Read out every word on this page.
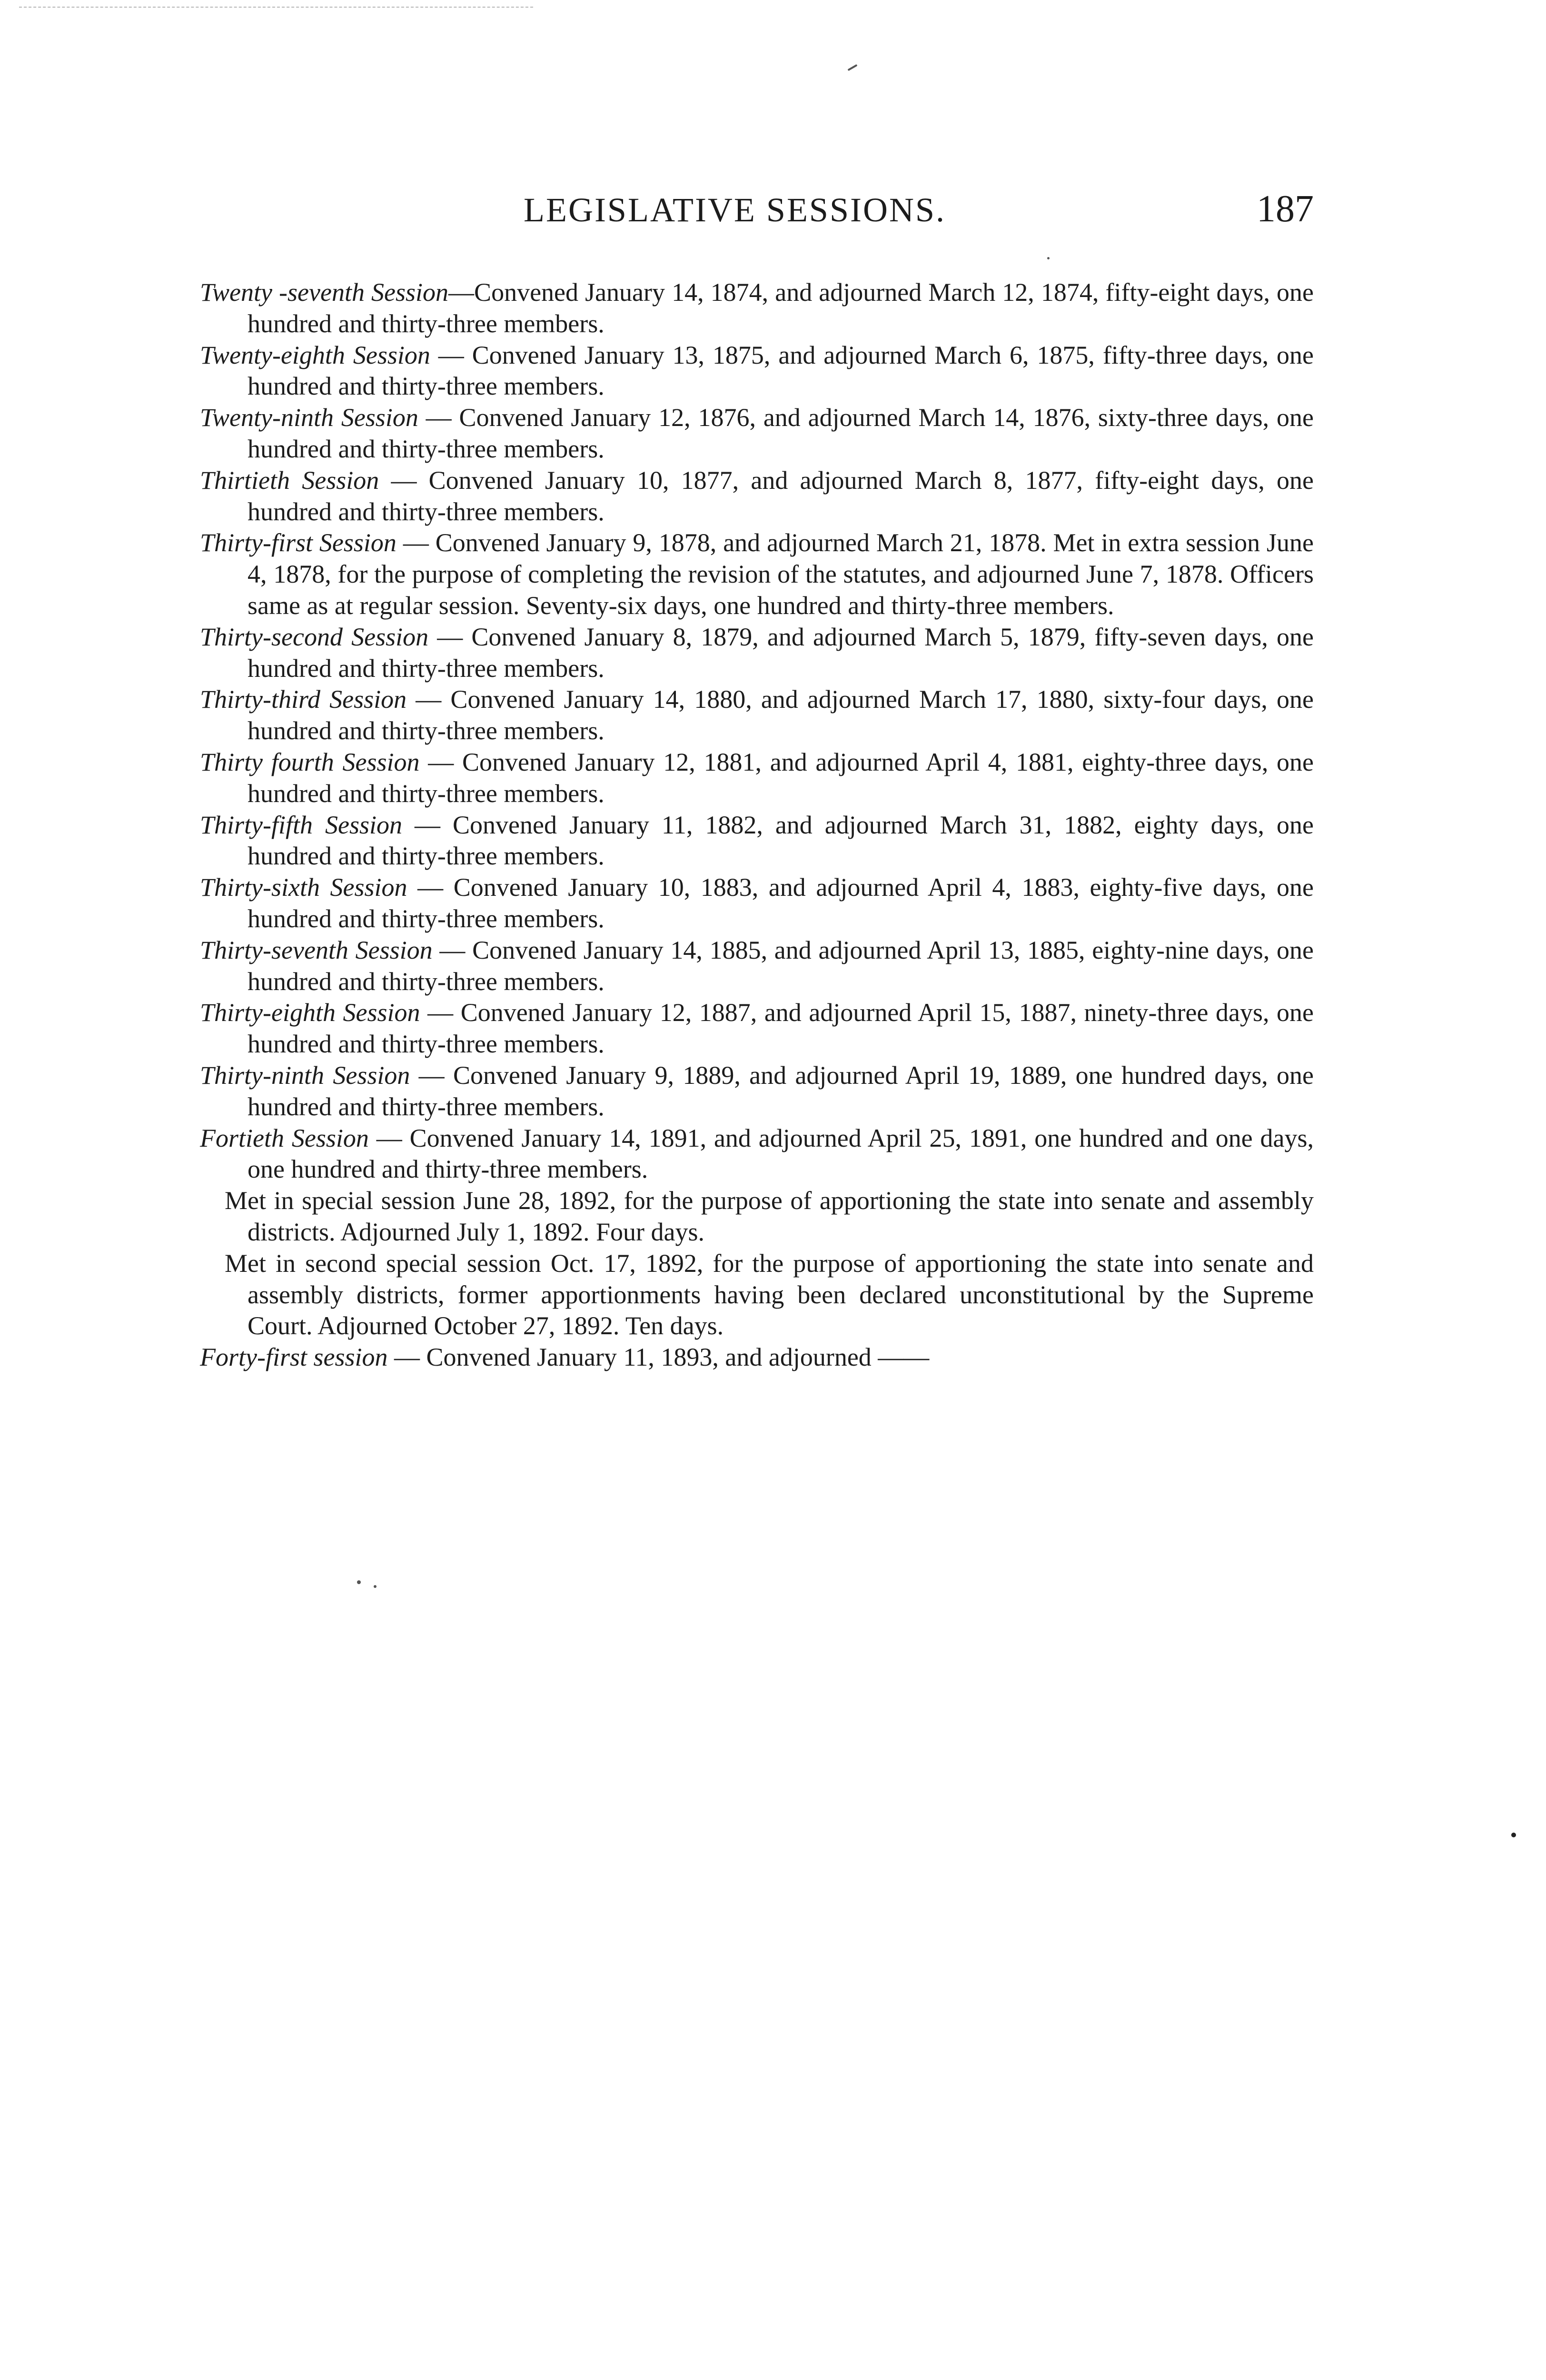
LEGISLATIVE SESSIONS.	187

Twenty -seventh Session—Convened January 14, 1874, and adjourned March 12, 1874, fifty-eight days, one hundred and thirty-three members.

Twenty-eighth Session — Convened January 13, 1875, and adjourned March 6, 1875, fifty-three days, one hundred and thirty-three members.

Twenty-ninth Session — Convened January 12, 1876, and adjourned March 14, 1876, sixty-three days, one hundred and thirty-three members.

Thirtieth Session — Convened January 10, 1877, and adjourned March 8, 1877, fifty-eight days, one hundred and thirty-three members.

Thirty-first Session — Convened January 9, 1878, and adjourned March 21, 1878. Met in extra session June 4, 1878, for the purpose of completing the revision of the statutes, and adjourned June 7, 1878. Officers same as at regular session. Seventy-six days, one hundred and thirty-three members.

Thirty-second Session — Convened January 8, 1879, and adjourned March 5, 1879, fifty-seven days, one hundred and thirty-three members.

Thirty-third Session — Convened January 14, 1880, and adjourned March 17, 1880, sixty-four days, one hundred and thirty-three members.

Thirty fourth Session — Convened January 12, 1881, and adjourned April 4, 1881, eighty-three days, one hundred and thirty-three members.

Thirty-fifth Session — Convened January 11, 1882, and adjourned March 31, 1882, eighty days, one hundred and thirty-three members.

Thirty-sixth Session — Convened January 10, 1883, and adjourned April 4, 1883, eighty-five days, one hundred and thirty-three members.

Thirty-seventh Session — Convened January 14, 1885, and adjourned April 13, 1885, eighty-nine days, one hundred and thirty-three members.

Thirty-eighth Session — Convened January 12, 1887, and adjourned April 15, 1887, ninety-three days, one hundred and thirty-three members.

Thirty-ninth Session — Convened January 9, 1889, and adjourned April 19, 1889, one hundred days, one hundred and thirty-three members.

Fortieth Session — Convened January 14, 1891, and adjourned April 25, 1891, one hundred and one days, one hundred and thirty-three members.

Met in special session June 28, 1892, for the purpose of apportioning the state into senate and assembly districts. Adjourned July 1, 1892. Four days.

Met in second special session Oct. 17, 1892, for the purpose of apportioning the state into senate and assembly districts, former apportionments having been declared unconstitutional by the Supreme Court. Adjourned October 27, 1892. Ten days.

Forty-first session — Convened January 11, 1893, and adjourned ——
